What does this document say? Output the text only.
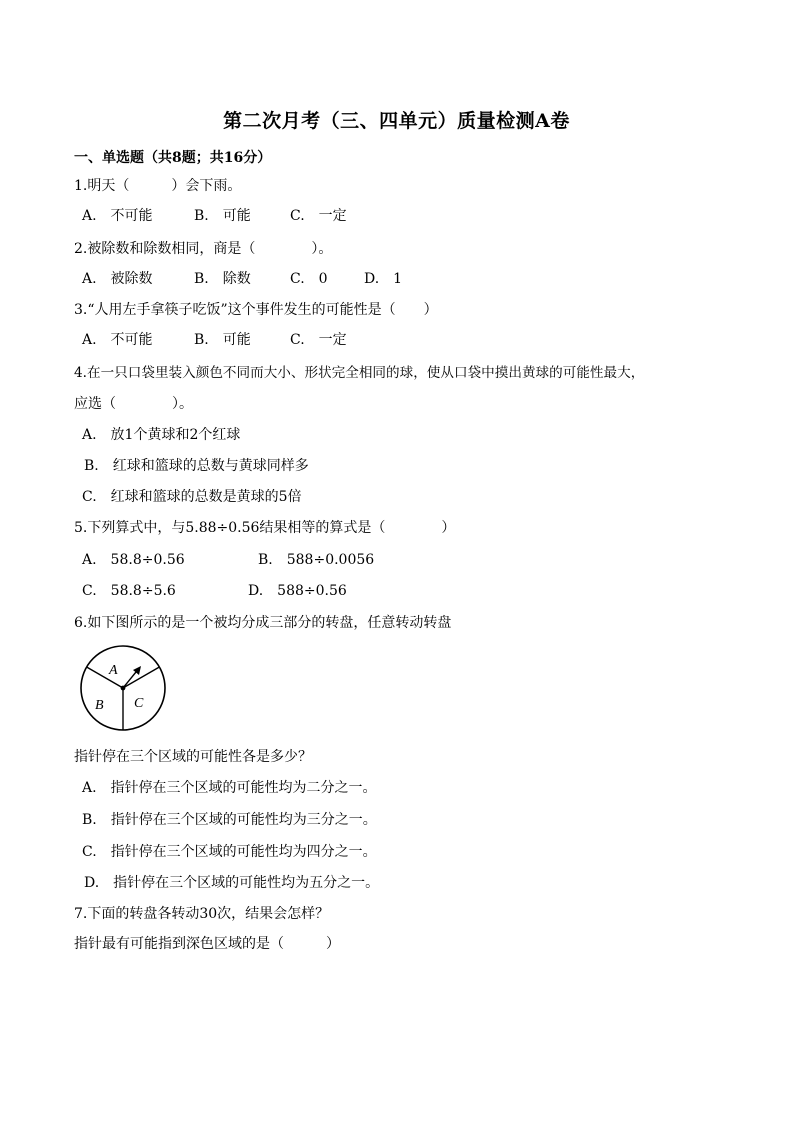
第二次月考（三、四单元）质量检测A卷
一、单选题（共8题；共16分）
1.明天（　　　）会下雨。
A.　不可能	B.　可能	C.　一定
2.被除数和除数相同，商是（　　　　）。
A.　被除数	B.　除数	C.　0	D.　1
3.“人用左手拿筷子吃饭”这个事件发生的可能性是（　　）
A.　不可能	B.　可能	C.　一定
4.在一只口袋里装入颜色不同而大小、形状完全相同的球，使从口袋中摸出黄球的可能性最大，
应选（　　　　）。
A.　放1个黄球和2个红球
B.　红球和篮球的总数与黄球同样多
C.　红球和篮球的总数是黄球的5倍
5.下列算式中，与5.88÷0.56结果相等的算式是（　　　　）
A.　58.8÷0.56	B.　588÷0.0056
C.　58.8÷5.6	D.　588÷0.56
6.如下图所示的是一个被均分成三部分的转盘，任意转动转盘
A
B C
指针停在三个区域的可能性各是多少？
A.　指针停在三个区域的可能性均为二分之一。
B.　指针停在三个区域的可能性均为三分之一。
C.　指针停在三个区域的可能性均为四分之一。
D.　指针停在三个区域的可能性均为五分之一。
7.下面的转盘各转动30次，结果会怎样？
指针最有可能指到深色区域的是（　　　）
